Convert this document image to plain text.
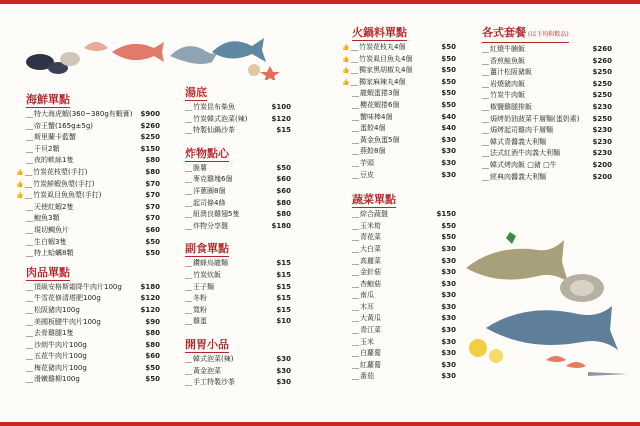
海鮮單點
__ 特大海虎蝦(360~380g有蝦膏) $900
__ 帝王蟹(165g±5g)	$260
__ 斯里蘭卡藍蟹	$250
__ 干貝2顆	$150
__ 夜的軟絲1隻	$80
👍 __ 竹炭花枝漿(手打)	$80
👍 __ 竹炭鮮蝦魚漿(手打)	$70
👍 __ 竹炭虱目魚魚漿(手打)	$70
__ 天使紅蝦2隻	$70
__ 鮑魚3顆	$70
__ 現切鯛魚片	$60
__ 生白蝦3隻	$50
__ 特上蛤蠣8顆	$50
肉品單點
__ 頂級安格斯霜降牛肉片100g	$180
__ 牛雪花修清塔肥100g	$120
__ 松阪豬肉100g	$120
__ 美國板腱牛肉片100g	$90
__ 去骨雞腿1隻	$80
__ 沙朗牛肉片100g	$80
__ 五花牛肉片100g	$60
__ 梅花豬肉片100g	$50
__ 滑嫩雞柳100g	$50
湯底
__ 竹炭昆布柴魚	$100
__ 竹炭韓式泡菜(辣)	$120
__ 特製仙鍋沙茶	$15
炸物點心
__ 脆薯	$50
__ 麥克雞塊6個	$60
__ 洋蔥圈8個	$60
__ 起司條4條	$80
__ 紐澳良雞翅5隻	$80
__ 炸物分享盤	$180
副食單點
__ 鑽蜂烏龍麵	$15
__ 竹炭炊飯	$15
__ 王子麵	$15
__ 冬粉	$15
__ 寬粉	$15
__ 雞蛋	$10
開胃小品
__ 韓式泡菜(辣)	$30
__ 黃金泡菜	$30
__ 手工特製沙茶	$30
火鍋料單點
👍 __ 竹炭花枝丸4個	$50
👍 __ 竹炭虱目魚丸4個	$50
👍 __ 獨家黑胡椒丸4個	$50
👍 __ 獨家麻辣丸4個	$50
__ 龍蝦蛋捲3個	$50
__ 櫻花蝦捲6個	$50
__ 蟹味棒4個	$40
__ 蛋餃4個	$40
__ 黃金魚蛋5個	$30
__ 燕餃8個	$30
__ 芋頭	$30
__ 豆皮	$30
蔬菜單點
__ 綜合蔬盤	$150
__ 玉米筍	$50
__ 青花菜	$50
__ 大白菜	$30
__ 高麗菜	$30
__ 金針菇	$30
__ 杏鮑菇	$30
__ 南瓜	$30
__ 木耳	$30
__ 大黃瓜	$30
__ 青江菜	$30
__ 玉米	$30
__ 白蘿蔔	$30
__ 紅蘿蔔	$30
__ 番茄	$30
各式套餐 (以下均附飲品)
__ 紅燒牛腩飯	$260
__ 香煎鮭魚飯	$260
__ 薑汁松阪豬飯	$250
__ 岩燒豬肉飯	$250
__ 竹炭牛肉飯	$250
__ 椒鹽雞腿排飯	$230
__ 焗烤奶油菠菜千層麵(蛋奶素) $250
__ 焗烤起司雞肉千層麵	$230
__ 韓式青醬義大利麵	$230
__ 法式紅酒牛肉義大利麵	$230
__ 韓式烤肉飯 □豬 □牛	$200
__ 經典肉醬義大利麵	$200
